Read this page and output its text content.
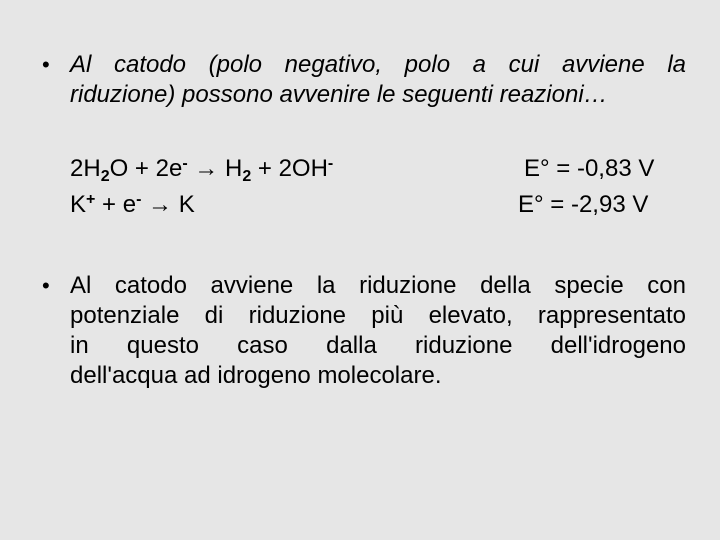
• Al catodo (polo negativo, polo a cui avviene la
riduzione) possono avvenire le seguenti reazioni…
$2H_2O + 2e^- \to H_2 + 2OH^-$	E° = -0,83 V
K+ + e- → K	E° = -2,93 V
• Al catodo avviene la riduzione della specie con
potenziale di riduzione più elevato, rappresentato
in questo caso dalla riduzione dell'idrogeno
dell'acqua ad idrogeno molecolare.
